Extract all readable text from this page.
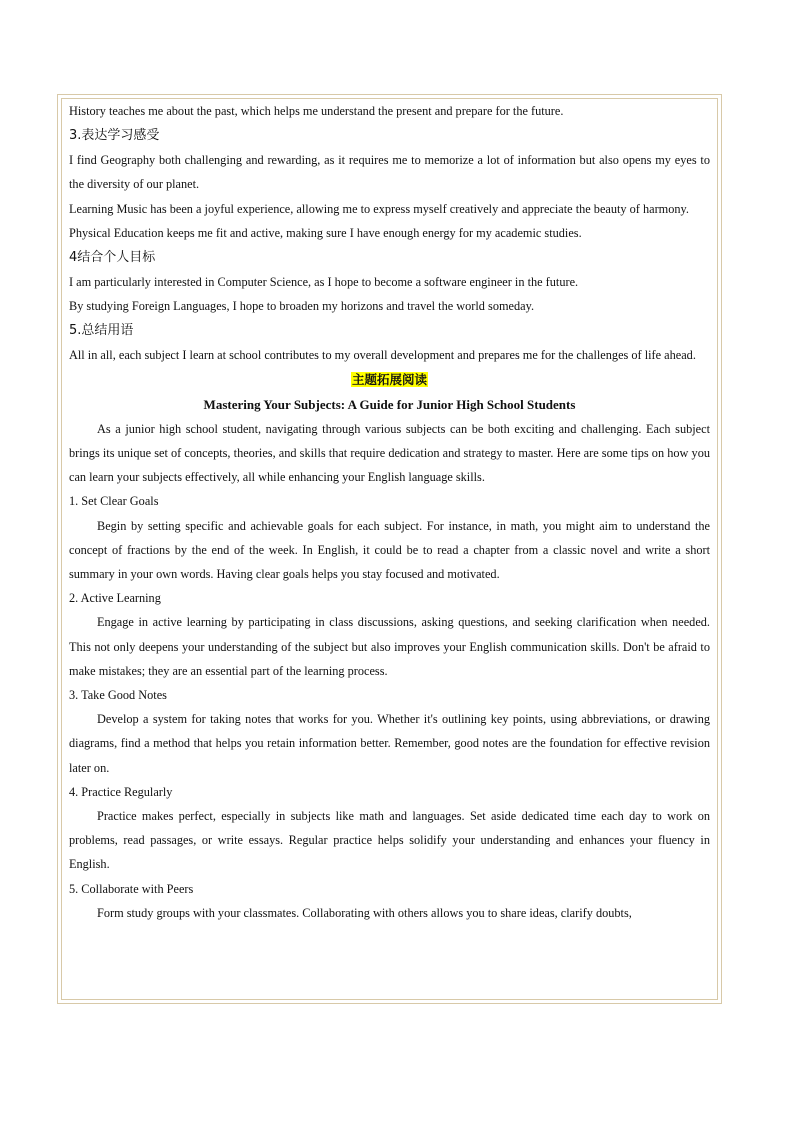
History teaches me about the past, which helps me understand the present and prepare for the future.

3.表达学习感受

I find Geography both challenging and rewarding, as it requires me to memorize a lot of information but also opens my eyes to the diversity of our planet.

Learning Music has been a joyful experience, allowing me to express myself creatively and appreciate the beauty of harmony.

Physical Education keeps me fit and active, making sure I have enough energy for my academic studies.

4结合个人目标

I am particularly interested in Computer Science, as I hope to become a software engineer in the future.

By studying Foreign Languages, I hope to broaden my horizons and travel the world someday.

5.总结用语

All in all, each subject I learn at school contributes to my overall development and prepares me for the challenges of life ahead.

主题拓展阅读

Mastering Your Subjects: A Guide for Junior High School Students

As a junior high school student, navigating through various subjects can be both exciting and challenging. Each subject brings its unique set of concepts, theories, and skills that require dedication and strategy to master. Here are some tips on how you can learn your subjects effectively, all while enhancing your English language skills.

1. Set Clear Goals

Begin by setting specific and achievable goals for each subject. For instance, in math, you might aim to understand the concept of fractions by the end of the week. In English, it could be to read a chapter from a classic novel and write a short summary in your own words. Having clear goals helps you stay focused and motivated.

2. Active Learning

Engage in active learning by participating in class discussions, asking questions, and seeking clarification when needed. This not only deepens your understanding of the subject but also improves your English communication skills. Don't be afraid to make mistakes; they are an essential part of the learning process.

3. Take Good Notes

Develop a system for taking notes that works for you. Whether it's outlining key points, using abbreviations, or drawing diagrams, find a method that helps you retain information better. Remember, good notes are the foundation for effective revision later on.

4. Practice Regularly

Practice makes perfect, especially in subjects like math and languages. Set aside dedicated time each day to work on problems, read passages, or write essays. Regular practice helps solidify your understanding and enhances your fluency in English.

5. Collaborate with Peers

Form study groups with your classmates. Collaborating with others allows you to share ideas, clarify doubts,
